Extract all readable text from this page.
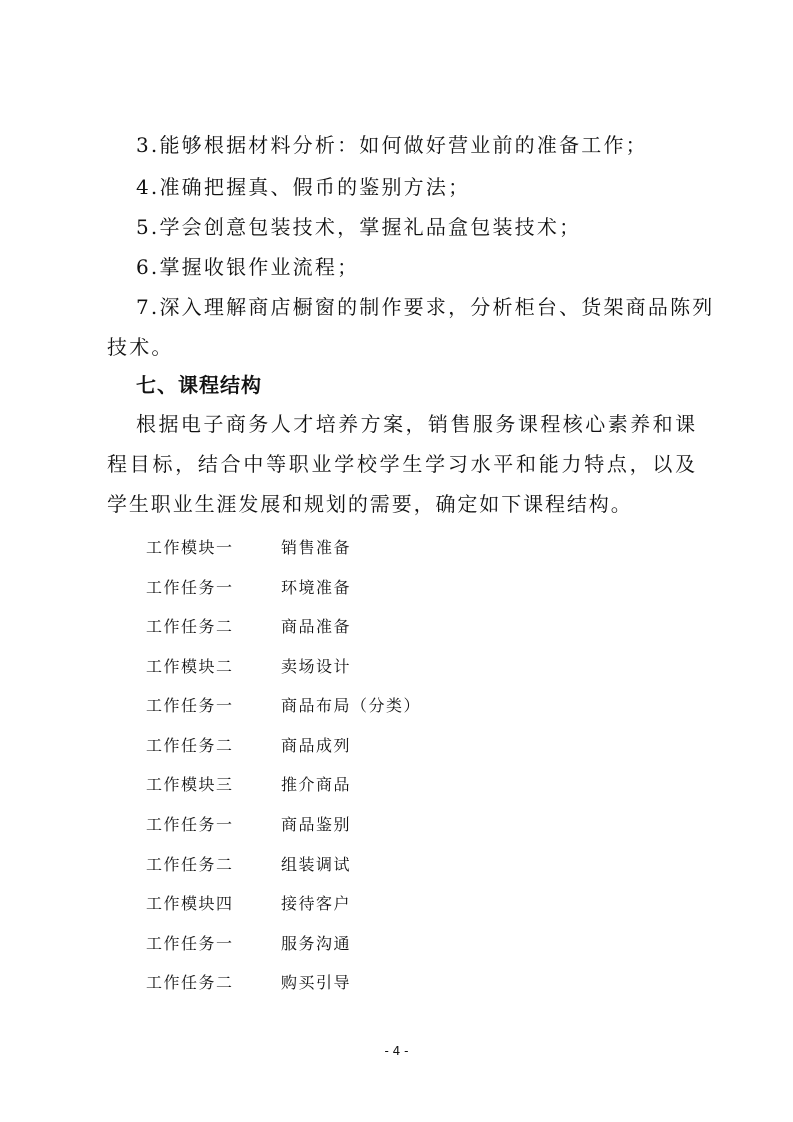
3.能够根据材料分析：如何做好营业前的准备工作；
4.准确把握真、假币的鉴别方法；
5.学会创意包装技术，掌握礼品盒包装技术；
6.掌握收银作业流程；
7.深入理解商店橱窗的制作要求，分析柜台、货架商品陈列
技术。
七、课程结构
根据电子商务人才培养方案，销售服务课程核心素养和课程目标，结合中等职业学校学生学习水平和能力特点，以及学生职业生涯发展和规划的需要，确定如下课程结构。
工作模块一	销售准备
工作任务一	环境准备
工作任务二	商品准备
工作模块二	卖场设计
工作任务一	商品布局（分类）
工作任务二	商品成列
工作模块三	推介商品
工作任务一	商品鉴别
工作任务二	组装调试
工作模块四	接待客户
工作任务一	服务沟通
工作任务二	购买引导
- 4 -
